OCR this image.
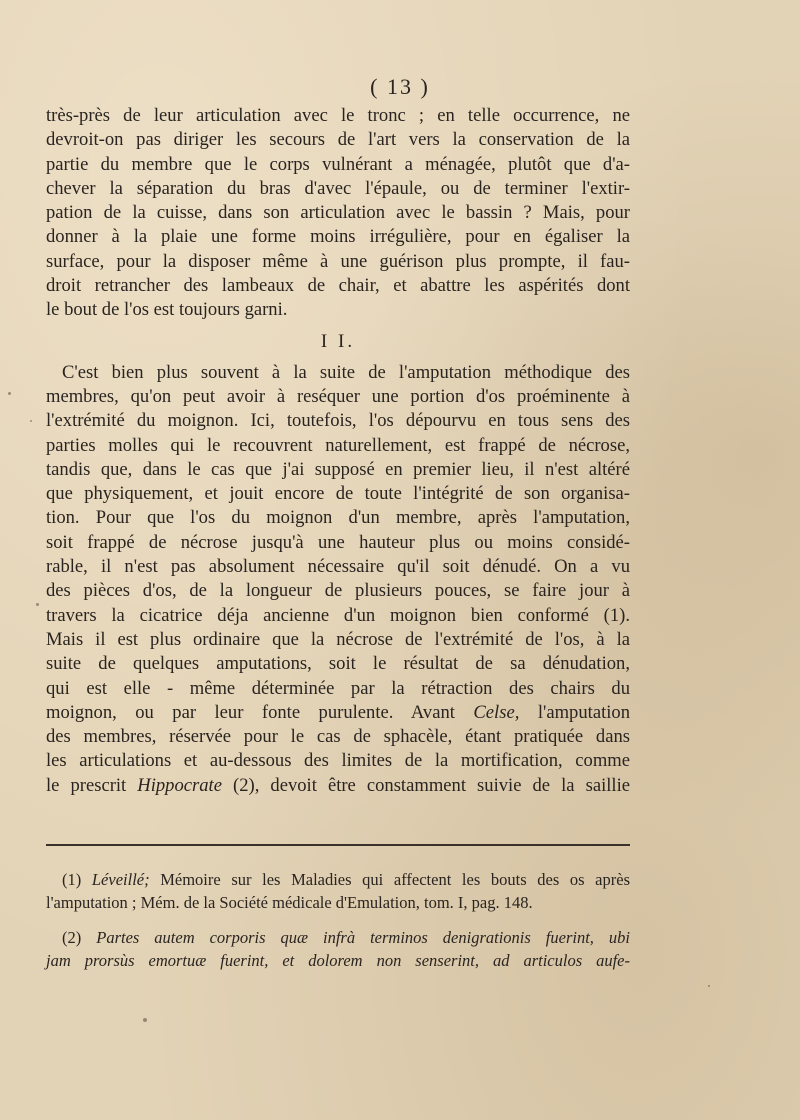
( 13 )
très-près de leur articulation avec le tronc ; en telle occurrence, ne
devroit-on pas diriger les secours de l'art vers la conservation de la
partie du membre que le corps vulnérant a ménagée, plutôt que d'a-
chever la séparation du bras d'avec l'épaule, ou de terminer l'extir-
pation de la cuisse, dans son articulation avec le bassin ? Mais, pour
donner à la plaie une forme moins irrégulière, pour en égaliser la
surface, pour la disposer même à une guérison plus prompte, il fau-
droit retrancher des lambeaux de chair, et abattre les aspérités dont
le bout de l'os est toujours garni.
I I.
C'est bien plus souvent à la suite de l'amputation méthodique des
membres, qu'on peut avoir à reséquer une portion d'os proéminente à
l'extrémité du moignon. Ici, toutefois, l'os dépourvu en tous sens des
parties molles qui le recouvrent naturellement, est frappé de nécrose,
tandis que, dans le cas que j'ai supposé en premier lieu, il n'est altéré
que physiquement, et jouit encore de toute l'intégrité de son organisa-
tion. Pour que l'os du moignon d'un membre, après l'amputation,
soit frappé de nécrose jusqu'à une hauteur plus ou moins considé-
rable, il n'est pas absolument nécessaire qu'il soit dénudé. On a vu
des pièces d'os, de la longueur de plusieurs pouces, se faire jour à
travers la cicatrice déja ancienne d'un moignon bien conformé (1).
Mais il est plus ordinaire que la nécrose de l'extrémité de l'os, à la
suite de quelques amputations, soit le résultat de sa dénudation,
qui est elle - même déterminée par la rétraction des chairs du
moignon, ou par leur fonte purulente. Avant Celse, l'amputation
des membres, réservée pour le cas de sphacèle, étant pratiquée dans
les articulations et au-dessous des limites de la mortification, comme
le prescrit Hippocrate (2), devoit être constamment suivie de la saillie
(1) Léveillé; Mémoire sur les Maladies qui affectent les bouts des os après
l'amputation ; Mém. de la Société médicale d'Emulation, tom. I, pag. 148.
(2) Partes autem corporis quæ infrà terminos denigrationis fuerint, ubi
jam prorsùs emortuæ fuerint, et dolorem non senserint, ad articulos aufe-
